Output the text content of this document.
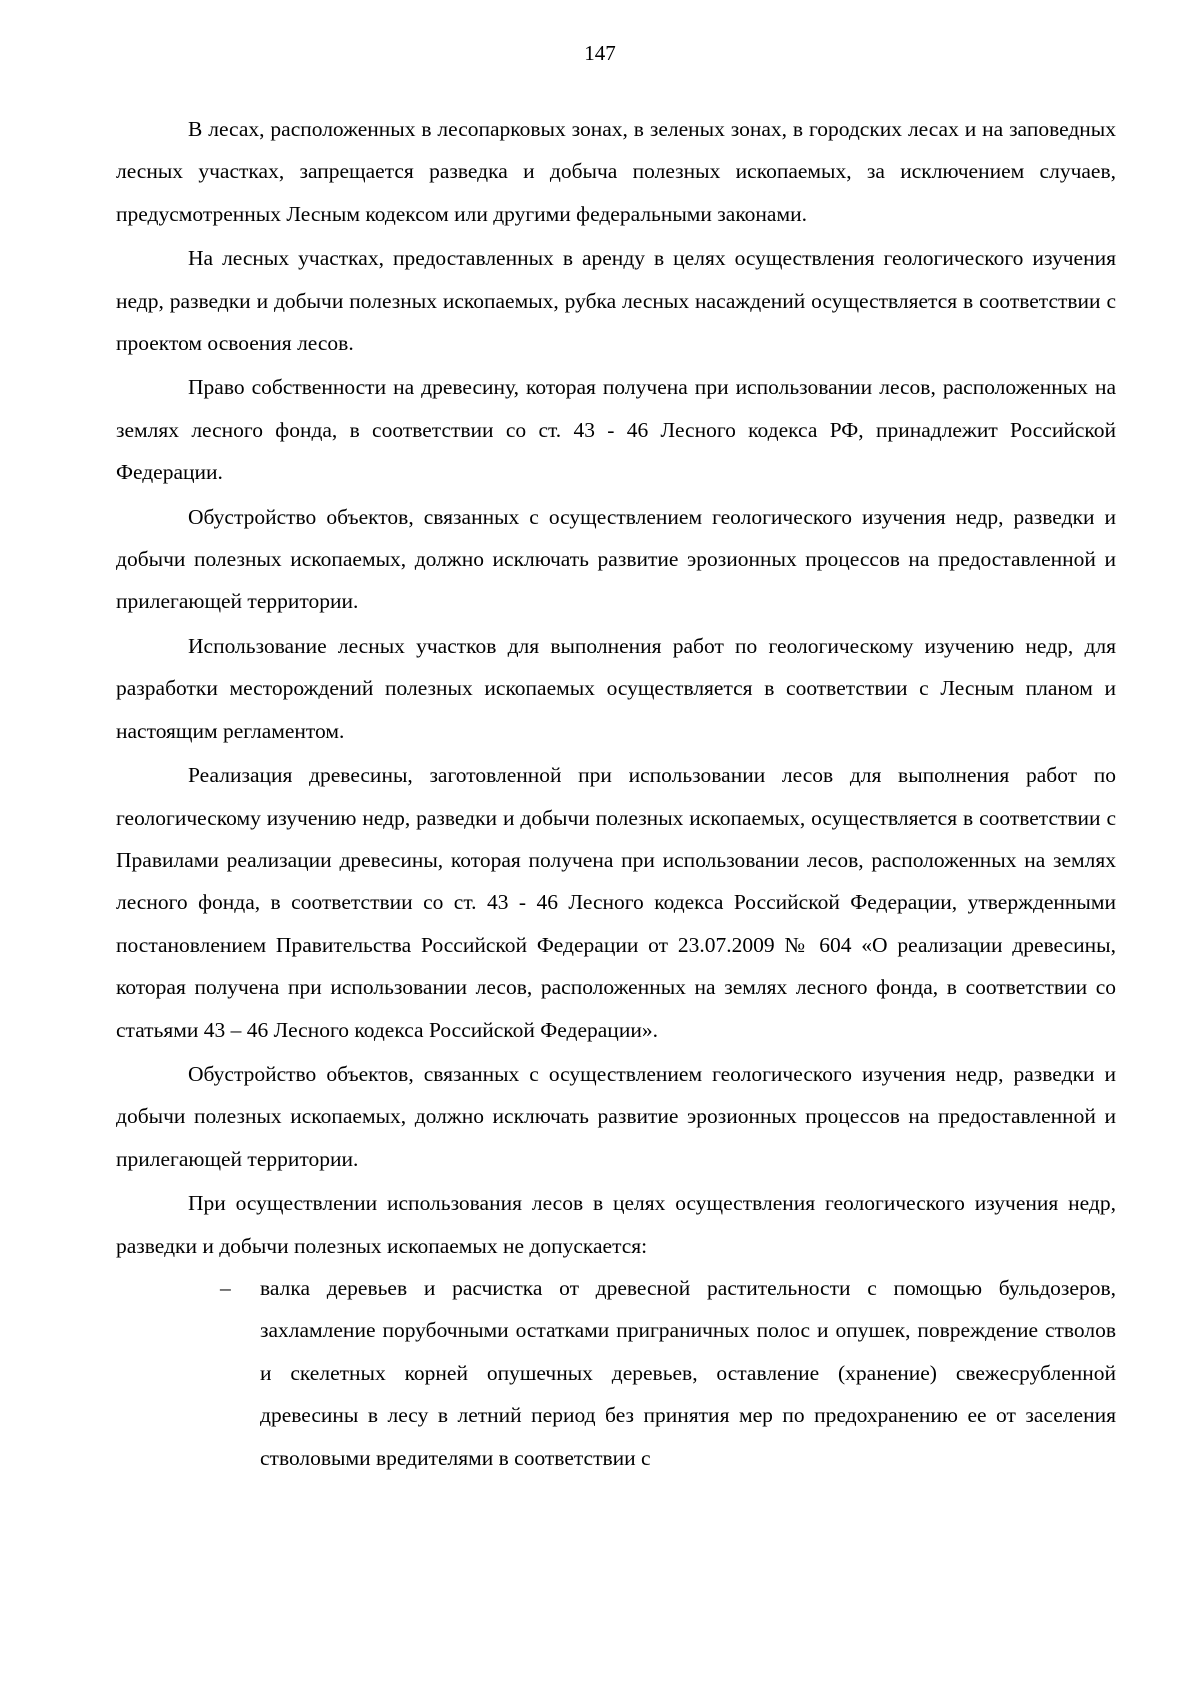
147

В лесах, расположенных в лесопарковых зонах, в зеленых зонах, в городских лесах и на заповедных лесных участках, запрещается разведка и добыча полезных ископаемых, за исключением случаев, предусмотренных Лесным кодексом или другими федеральными законами.

На лесных участках, предоставленных в аренду в целях осуществления геологического изучения недр, разведки и добычи полезных ископаемых, рубка лесных насаждений осуществляется в соответствии с проектом освоения лесов.

Право собственности на древесину, которая получена при использовании лесов, расположенных на землях лесного фонда, в соответствии со ст. 43 - 46 Лесного кодекса РФ, принадлежит Российской Федерации.

Обустройство объектов, связанных с осуществлением геологического изучения недр, разведки и добычи полезных ископаемых, должно исключать развитие эрозионных процессов на предоставленной и прилегающей территории.

Использование лесных участков для выполнения работ по геологическому изучению недр, для разработки месторождений полезных ископаемых осуществляется в соответствии с Лесным планом и настоящим регламентом.

Реализация древесины, заготовленной при использовании лесов для выполнения работ по геологическому изучению недр, разведки и добычи полезных ископаемых, осуществляется в соответствии с Правилами реализации древесины, которая получена при использовании лесов, расположенных на землях лесного фонда, в соответствии со ст. 43 - 46 Лесного кодекса Российской Федерации, утвержденными постановлением Правительства Российской Федерации от 23.07.2009 № 604 «О реализации древесины, которая получена при использовании лесов, расположенных на землях лесного фонда, в соответствии со статьями 43 – 46 Лесного кодекса Российской Федерации».

Обустройство объектов, связанных с осуществлением геологического изучения недр, разведки и добычи полезных ископаемых, должно исключать развитие эрозионных процессов на предоставленной и прилегающей территории.

При осуществлении использования лесов в целях осуществления геологического изучения недр, разведки и добычи полезных ископаемых не допускается:

– валка деревьев и расчистка от древесной растительности с помощью бульдозеров, захламление порубочными остатками приграничных полос и опушек, повреждение стволов и скелетных корней опушечных деревьев, оставление (хранение) свежесрубленной древесины в лесу в летний период без принятия мер по предохранению ее от заселения стволовыми вредителями в соответствии с
